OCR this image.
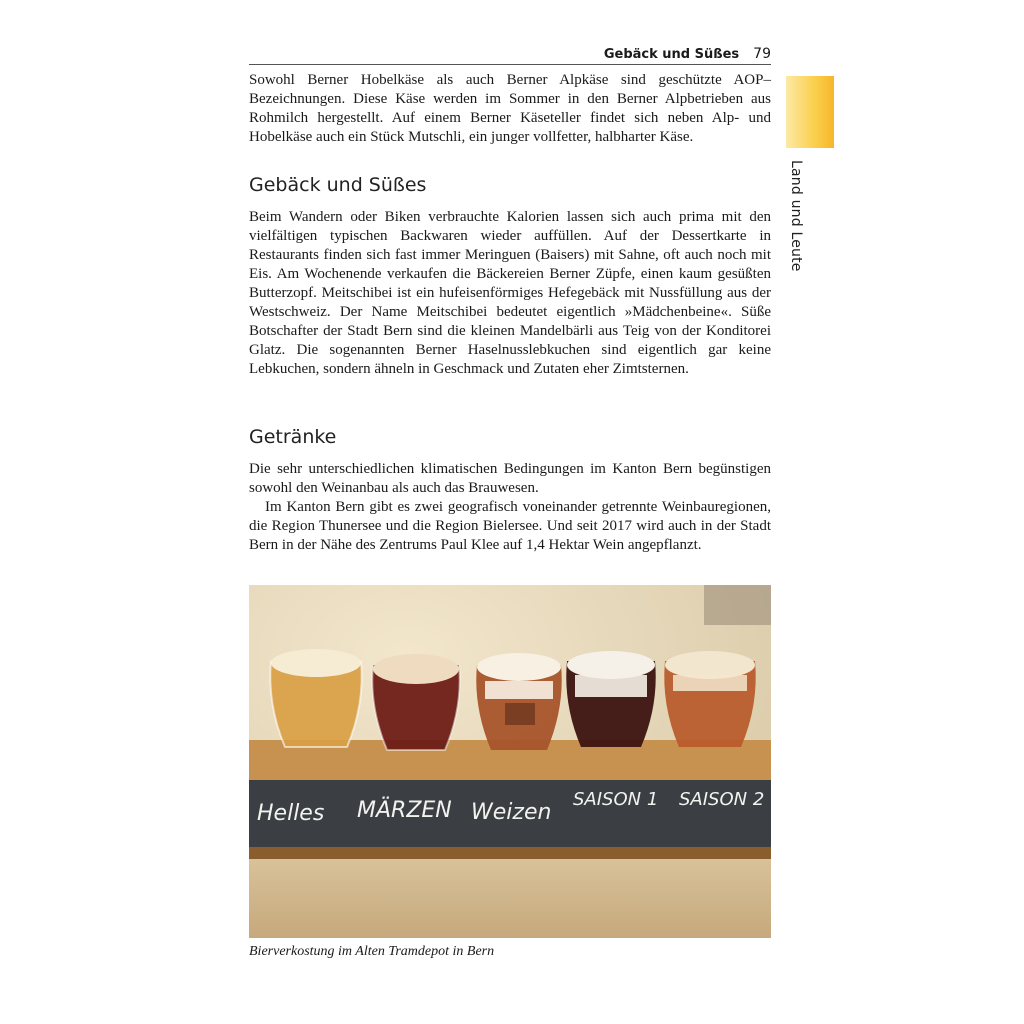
Gebäck und Süßes 79
Land und Leute

Sowohl Berner Hobelkäse als auch Berner Alpkäse sind geschützte AOP–Bezeichnungen. Diese Käse werden im Sommer in den Berner Alpbetrieben aus Rohmilch hergestellt. Auf einem Berner Käseteller findet sich neben Alp- und Hobelkäse auch ein Stück Mutschli, ein junger vollfetter, halbharter Käse.

Gebäck und Süßes

Beim Wandern oder Biken verbrauchte Kalorien lassen sich auch prima mit den vielfältigen typischen Backwaren wieder auffüllen. Auf der Dessertkarte in Restaurants finden sich fast immer Meringuen (Baisers) mit Sahne, oft auch noch mit Eis. Am Wochenende verkaufen die Bäckereien Berner Züpfe, einen kaum gesüßten Butterzopf. Meitschibei ist ein hufeisenförmiges Hefegebäck mit Nussfüllung aus der Westschweiz. Der Name Meitschibei bedeutet eigentlich »Mädchenbeine«. Süße Botschafter der Stadt Bern sind die kleinen Mandelbärli aus Teig von der Konditorei Glatz. Die sogenannten Berner Haselnusslebkuchen sind eigentlich gar keine Lebkuchen, sondern ähneln in Geschmack und Zutaten eher Zimtsternen.

Getränke

Die sehr unterschiedlichen klimatischen Bedingungen im Kanton Bern begünstigen sowohl den Weinanbau als auch das Brauwesen.

Im Kanton Bern gibt es zwei geografisch voneinander getrennte Weinbauregionen, die Region Thunersee und die Region Bielersee. Und seit 2017 wird auch in der Stadt Bern in der Nähe des Zentrums Paul Klee auf 1,4 Hektar Wein angepflanzt.

Helles MÄRZEN Weizen
SAISON 1 SAISON 2
Bierverkostung im Alten Tramdepot in Bern
